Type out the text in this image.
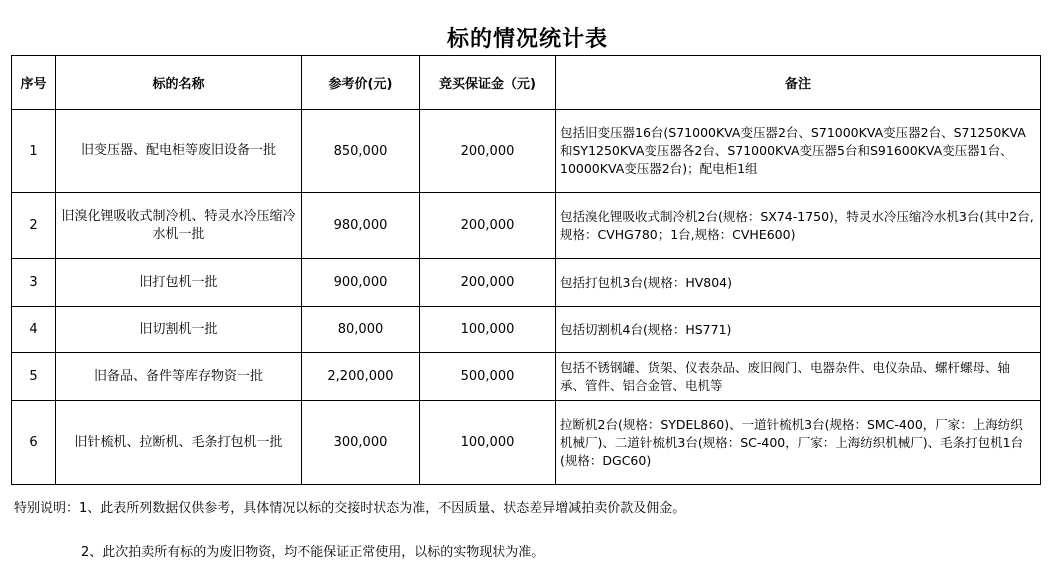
标的情况统计表
序号	标的名称	参考价(元)	竞买保证金（元)	备注
1	旧变压器、配电柜等废旧设备一批	850,000	200,000	包括旧变压器16台(S71000KVA变压器2台、S71000KVA变压器2台、S71250KVA和SY1250KVA变压器各2台、S71000KVA变压器5台和S91600KVA变压器1台、10000KVA变压器2台)；配电柜1组
2	旧溴化锂吸收式制冷机、特灵水冷压缩冷水机一批	980,000	200,000	包括溴化锂吸收式制冷机2台(规格：SX74-1750)，特灵水冷压缩冷水机3台(其中2台,规格：CVHG780；1台,规格：CVHE600)
3	旧打包机一批	900,000	200,000	包括打包机3台(规格：HV804)
4	旧切割机一批	80,000	100,000	包括切割机4台(规格：HS771)
5	旧备品、备件等库存物资一批	2,200,000	500,000	包括不锈钢罐、货架、仪表杂品、废旧阀门、电器杂件、电仪杂品、螺杆螺母、轴承、管件、铝合金管、电机等
6	旧针梳机、拉断机、毛条打包机一批	300,000	100,000	拉断机2台(规格：SYDEL860)、一道针梳机3台(规格：SMC-400，厂家：上海纺织机械厂)、二道针梳机3台(规格：SC-400，厂家：上海纺织机械厂)、毛条打包机1台(规格：DGC60)
特别说明：1、此表所列数据仅供参考，具体情况以标的交接时状态为准，不因质量、状态差异增减拍卖价款及佣金。
2、此次拍卖所有标的为废旧物资，均不能保证正常使用，以标的实物现状为准。
